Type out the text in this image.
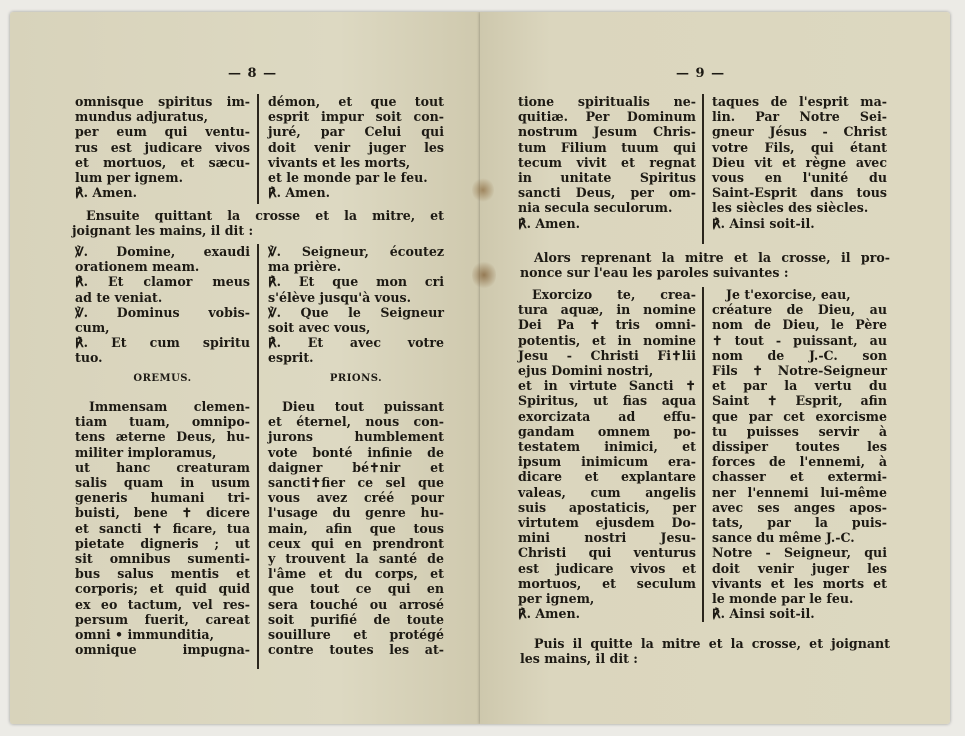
— 8 —
omnisque spiritus im-
mundus adjuratus,
per eum qui ventu-
rus est judicare vivos
et mortuos, et sæcu-
lum per ignem.
℟. Amen.
démon, et que tout
esprit impur soit con-
juré, par Celui qui
doit venir juger les
vivants et les morts,
et le monde par le feu.
℟. Amen.
Ensuite quittant la crosse et la mitre, et
joignant les mains, il dit :
℣. Domine, exaudi
orationem meam.
℟. Et clamor meus
ad te veniat.
℣. Dominus vobis-
cum,
℟. Et cum spiritu
tuo.
℣. Seigneur, écoutez
ma prière.
℟. Et que mon cri
s'élève jusqu'à vous.
℣. Que le Seigneur
soit avec vous,
℟. Et avec votre
esprit.
OREMUS.	PRIONS.
Immensam clemen-
tiam tuam, omnipo-
tens æterne Deus, hu-
militer imploramus,
ut hanc creaturam
salis quam in usum
generis humani tri-
buisti, bene ✝ dicere
et sancti ✝ ficare, tua
pietate digneris ; ut
sit omnibus sumenti-
bus salus mentis et
corporis; et quid quid
ex eo tactum, vel res-
persum fuerit, careat
omni • immunditia,
omnique impugna-
Dieu tout puissant
et éternel, nous con-
jurons humblement
vote bonté infinie de
daigner bé✝nir et
sancti✝fier ce sel que
vous avez créé pour
l'usage du genre hu-
main, afin que tous
ceux qui en prendront
y trouvent la santé de
l'âme et du corps, et
que tout ce qui en
sera touché ou arrosé
soit purifié de toute
souillure et protégé
contre toutes les at-
— 9 —
tione spiritualis ne-
quitiæ. Per Dominum
nostrum Jesum Chris-
tum Filium tuum qui
tecum vivit et regnat
in unitate Spiritus
sancti Deus, per om-
nia secula seculorum.
℟. Amen.
taques de l'esprit ma-
lin. Par Notre Sei-
gneur Jésus - Christ
votre Fils, qui étant
Dieu vit et règne avec
vous en l'unité du
Saint-Esprit dans tous
les siècles des siècles.
℟. Ainsi soit-il.
Alors reprenant la mitre et la crosse, il pro-
nonce sur l'eau les paroles suivantes :
Exorcizo te, crea-
tura aquæ, in nomine
Dei Pa ✝ tris omni-
potentis, et in nomine
Jesu - Christi Fi✝lii
ejus Domini nostri,
et in virtute Sancti ✝
Spiritus, ut fias aqua
exorcizata ad effu-
gandam omnem po-
testatem inimici, et
ipsum inimicum era-
dicare et explantare
valeas, cum angelis
suis apostaticis, per
virtutem ejusdem Do-
mini nostri Jesu-
Christi qui venturus
est judicare vivos et
mortuos, et seculum
per ignem,
℟. Amen.
Je t'exorcise, eau,
créature de Dieu, au
nom de Dieu, le Père
✝ tout - puissant, au
nom de J.-C. son
Fils ✝ Notre-Seigneur
et par la vertu du
Saint ✝ Esprit, afin
que par cet exorcisme
tu puisses servir à
dissiper toutes les
forces de l'ennemi, à
chasser et extermi-
ner l'ennemi lui-même
avec ses anges apos-
tats, par la puis-
sance du même J.-C.
Notre - Seigneur, qui
doit venir juger les
vivants et les morts et
le monde par le feu.
℟. Ainsi soit-il.
Puis il quitte la mitre et la crosse, et joignant
les mains, il dit :
